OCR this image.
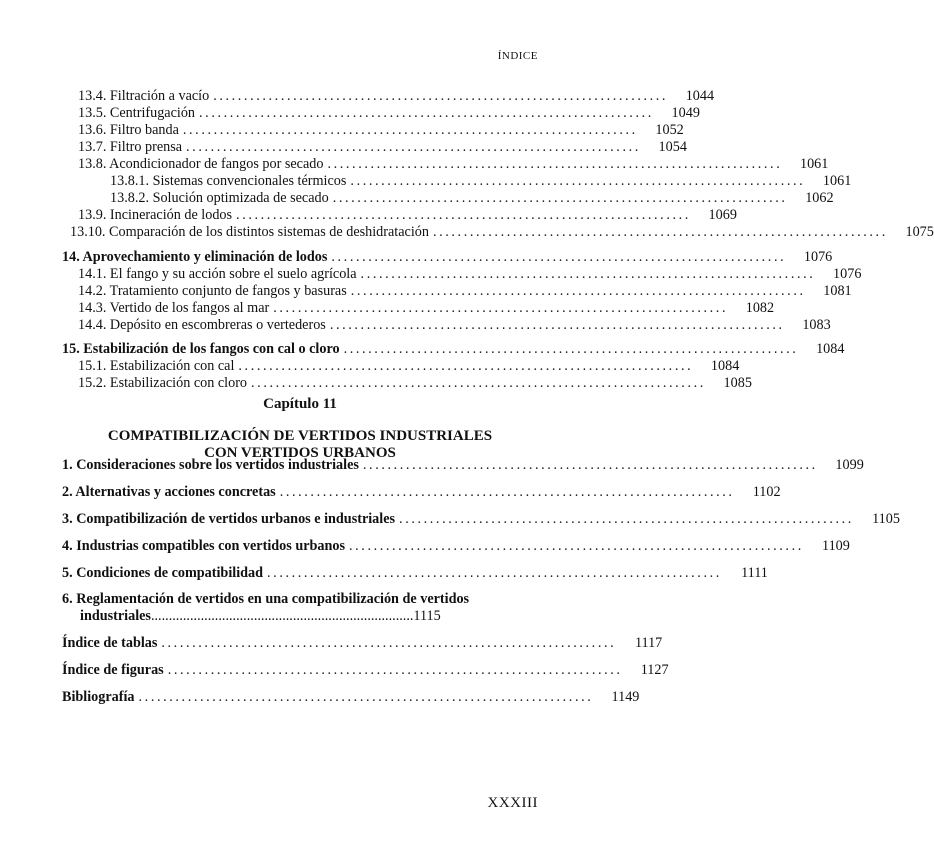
ÍNDICE
13.4. Filtración a vacío ..........................................................................	1044
13.5. Centrifugación ..........................................................................	1049
13.6. Filtro banda ..........................................................................	1052
13.7. Filtro prensa ..........................................................................	1054
13.8. Acondicionador de fangos por secado ..........................................................................	1061
13.8.1. Sistemas convencionales térmicos ..........................................................................	1061
13.8.2. Solución optimizada de secado ..........................................................................	1062
13.9. Incineración de lodos ..........................................................................	1069
13.10. Comparación de los distintos sistemas de deshidratación ..........................................................................	1075
14. Aprovechamiento y eliminación de lodos ..........................................................................	1076
14.1. El fango y su acción sobre el suelo agrícola ..........................................................................	1076
14.2. Tratamiento conjunto de fangos y basuras ..........................................................................	1081
14.3. Vertido de los fangos al mar ..........................................................................	1082
14.4. Depósito en escombreras o vertederos ..........................................................................	1083
15. Estabilización de los fangos con cal o cloro ..........................................................................	1084
15.1. Estabilización con cal ..........................................................................	1084
15.2. Estabilización con cloro ..........................................................................	1085
Capítulo 11
COMPATIBILIZACIÓN DE VERTIDOS INDUSTRIALES
CON VERTIDOS URBANOS
1. Consideraciones sobre los vertidos industriales ..........................................................................	1099
2. Alternativas y acciones concretas ..........................................................................	1102
3. Compatibilización de vertidos urbanos e industriales ..........................................................................	1105
4. Industrias compatibles con vertidos urbanos ..........................................................................	1109
5. Condiciones de compatibilidad ..........................................................................	1111
6. Reglamentación de vertidos en una compatibilización de vertidos
industriales .......................................................................... 1115
Índice de tablas ..........................................................................	1117
Índice de figuras ..........................................................................	1127
Bibliografía ..........................................................................	1149
XXXIII
